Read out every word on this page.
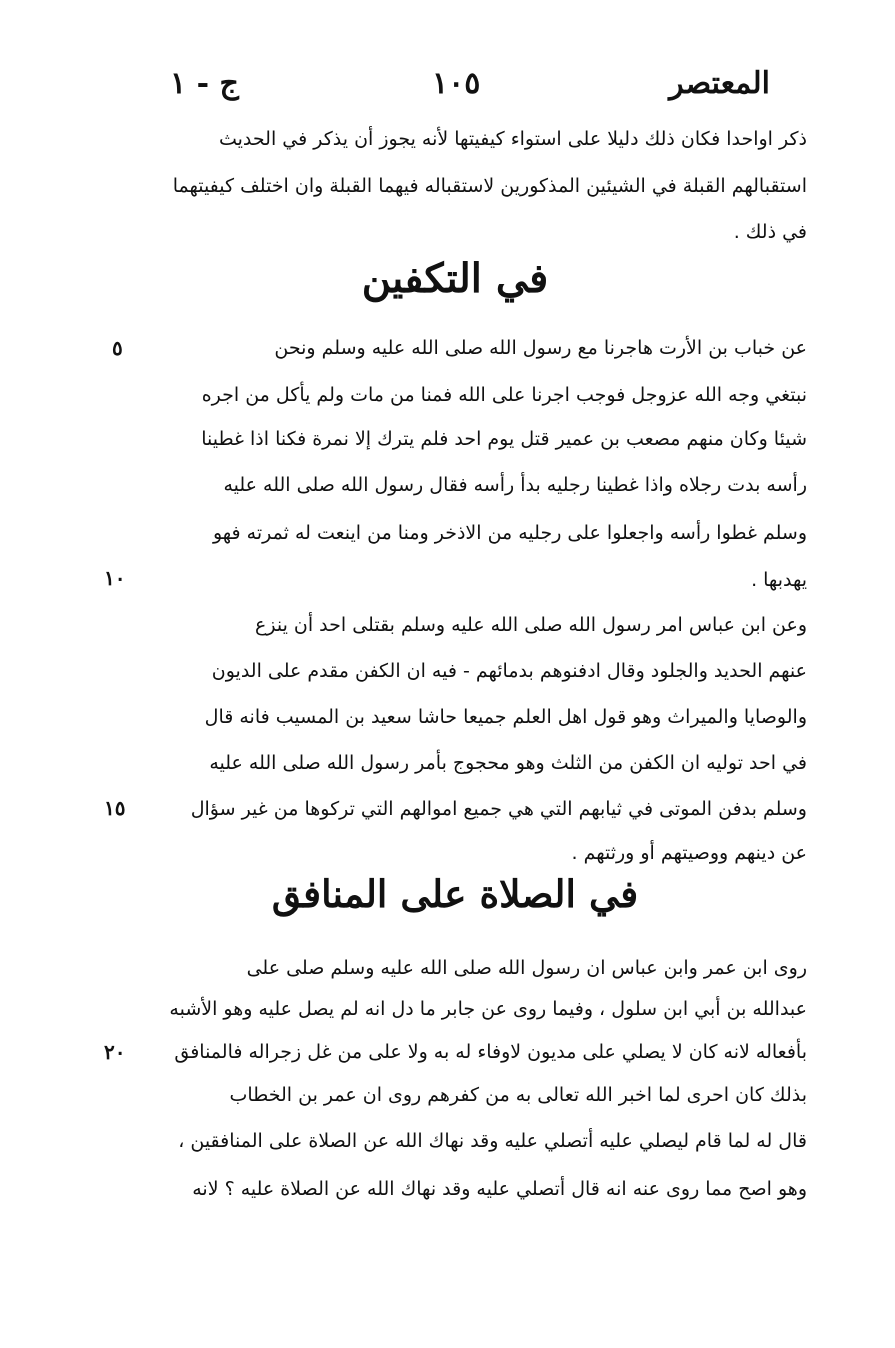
ج - ١	١٠٥	المعتصر
ذكر اواحدا فكان ذلك دليلا على استواء كيفيتها لأنه يجوز أن يذكر في الحديث
استقبالهم القبلة في الشيئين المذكورين لاستقباله فيهما القبلة وان اختلف كيفيتهما
في ذلك .
في التكفين
عن خباب بن الأرت هاجرنا مع رسول الله صلى الله عليه وسلم ونحن
نبتغي وجه الله عزوجل فوجب اجرنا على الله فمنا من مات ولم يأكل من اجره
شيئا وكان منهم مصعب بن عمير قتل يوم احد فلم يترك إلا نمرة فكنا اذا غطينا
رأسه بدت رجلاه واذا غطينا رجليه بدأ رأسه فقال رسول الله صلى الله عليه
وسلم غطوا رأسه واجعلوا على رجليه من الاذخر ومنا من اينعت له ثمرته فهو
يهدبها .
وعن ابن عباس امر رسول الله صلى الله عليه وسلم بقتلى احد أن ينزع
عنهم الحديد والجلود وقال ادفنوهم بدمائهم - فيه ان الكفن مقدم على الديون
والوصايا والميراث وهو قول اهل العلم جميعا حاشا سعيد بن المسيب فانه قال
في احد توليه ان الكفن من الثلث وهو محجوج بأمر رسول الله صلى الله عليه
وسلم بدفن الموتى في ثيابهم التي هي جميع اموالهم التي تركوها من غير سؤال
عن دينهم ووصيتهم أو ورثتهم .
في الصلاة على المنافق
روى ابن عمر وابن عباس ان رسول الله صلى الله عليه وسلم صلى على
عبدالله بن أبي ابن سلول ، وفيما روى عن جابر ما دل انه لم يصل عليه وهو الأشبه
بأفعاله لانه كان لا يصلي على مديون لاوفاء له به ولا على من غل زجراله فالمنافق
بذلك كان احرى لما اخبر الله تعالى به من كفرهم روى ان عمر بن الخطاب
قال له لما قام ليصلي عليه أتصلي عليه وقد نهاك الله عن الصلاة على المنافقين ،
وهو اصح مما روى عنه انه قال أتصلي عليه وقد نهاك الله عن الصلاة عليه ؟ لانه
٥
١٠
١٥
٢٠
